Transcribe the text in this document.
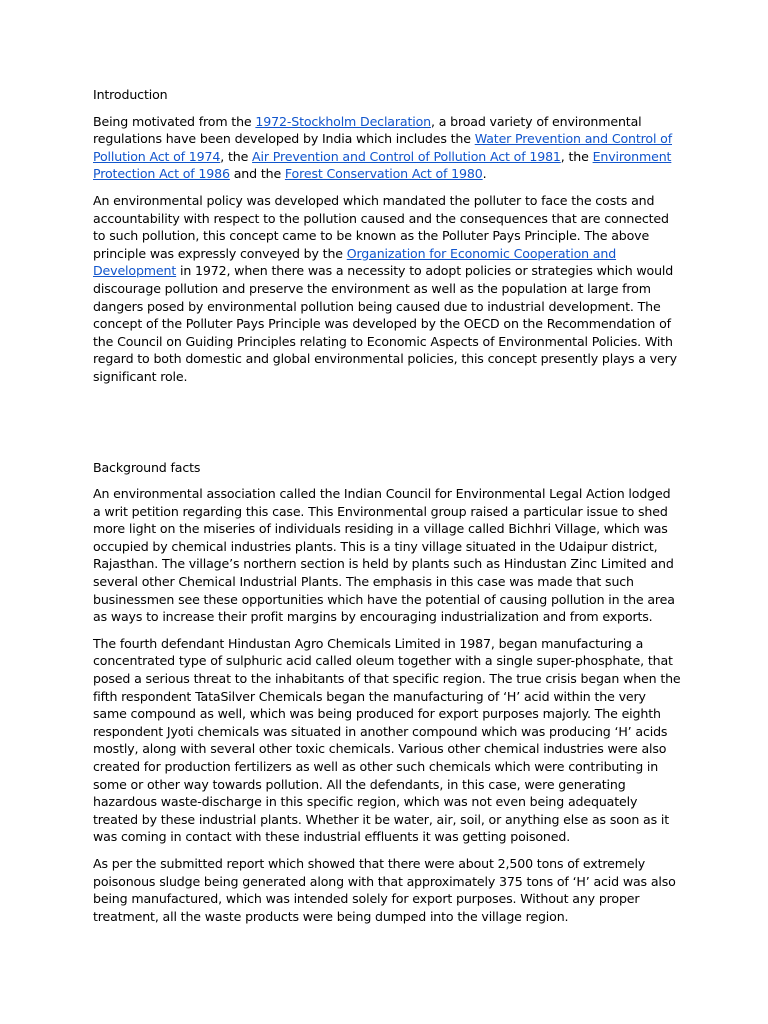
Introduction

Being motivated from the 1972-Stockholm Declaration, a broad variety of environmental regulations have been developed by India which includes the Water Prevention and Control of Pollution Act of 1974, the Air Prevention and Control of Pollution Act of 1981, the Environment Protection Act of 1986 and the Forest Conservation Act of 1980.

An environmental policy was developed which mandated the polluter to face the costs and accountability with respect to the pollution caused and the consequences that are connected to such pollution, this concept came to be known as the Polluter Pays Principle. The above principle was expressly conveyed by the Organization for Economic Cooperation and Development in 1972, when there was a necessity to adopt policies or strategies which would discourage pollution and preserve the environment as well as the population at large from dangers posed by environmental pollution being caused due to industrial development. The concept of the Polluter Pays Principle was developed by the OECD on the Recommendation of the Council on Guiding Principles relating to Economic Aspects of Environmental Policies. With regard to both domestic and global environmental policies, this concept presently plays a very significant role.

Background facts

An environmental association called the Indian Council for Environmental Legal Action lodged a writ petition regarding this case. This Environmental group raised a particular issue to shed more light on the miseries of individuals residing in a village called Bichhri Village, which was occupied by chemical industries plants. This is a tiny village situated in the Udaipur district, Rajasthan. The village’s northern section is held by plants such as Hindustan Zinc Limited and several other Chemical Industrial Plants. The emphasis in this case was made that such businessmen see these opportunities which have the potential of causing pollution in the area as ways to increase their profit margins by encouraging industrialization and from exports.

The fourth defendant Hindustan Agro Chemicals Limited in 1987, began manufacturing a concentrated type of sulphuric acid called oleum together with a single super-phosphate, that posed a serious threat to the inhabitants of that specific region. The true crisis began when the fifth respondent TataSilver Chemicals began the manufacturing of ‘H’ acid within the very same compound as well, which was being produced for export purposes majorly. The eighth respondent Jyoti chemicals was situated in another compound which was producing ‘H’ acids mostly, along with several other toxic chemicals. Various other chemical industries were also created for production fertilizers as well as other such chemicals which were contributing in some or other way towards pollution. All the defendants, in this case, were generating hazardous waste-discharge in this specific region, which was not even being adequately treated by these industrial plants. Whether it be water, air, soil, or anything else as soon as it was coming in contact with these industrial effluents it was getting poisoned.

As per the submitted report which showed that there were about 2,500 tons of extremely poisonous sludge being generated along with that approximately 375 tons of ‘H’ acid was also being manufactured, which was intended solely for export purposes. Without any proper treatment, all the waste products were being dumped into the village region.
